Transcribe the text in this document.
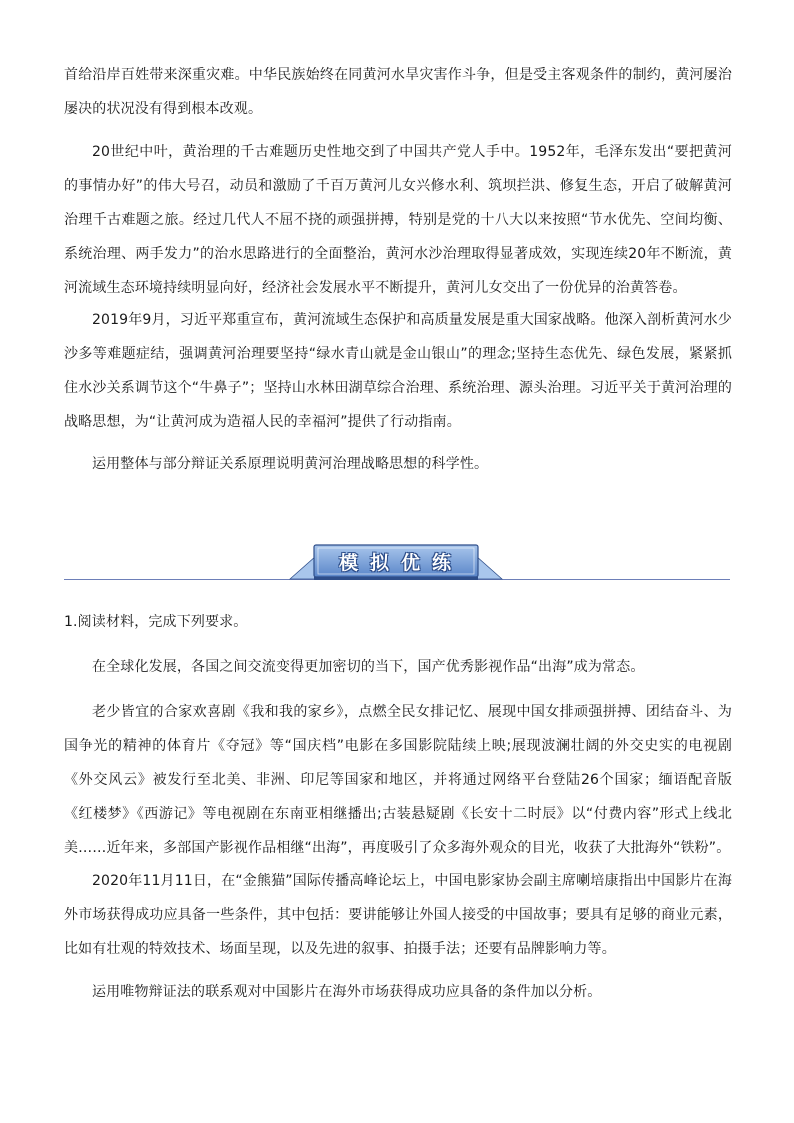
首给沿岸百姓带来深重灾难。中华民族始终在同黄河水旱灾害作斗争，但是受主客观条件的制约，黄河屡治屡决的状况没有得到根本改观。

20世纪中叶，黄治理的千古难题历史性地交到了中国共产党人手中。1952年，毛泽东发出“要把黄河的事情办好”的伟大号召，动员和激励了千百万黄河儿女兴修水利、筑坝拦洪、修复生态，开启了破解黄河治理千古难题之旅。经过几代人不屈不挠的顽强拼搏，特别是党的十八大以来按照“节水优先、空间均衡、系统治理、两手发力”的治水思路进行的全面整治，黄河水沙治理取得显著成效，实现连续20年不断流，黄河流域生态环境持续明显向好，经济社会发展水平不断提升，黄河儿女交出了一份优异的治黄答卷。

2019年9月，习近平郑重宣布，黄河流域生态保护和高质量发展是重大国家战略。他深入剖析黄河水少沙多等难题症结，强调黄河治理要坚持“绿水青山就是金山银山”的理念;坚持生态优先、绿色发展，紧紧抓住水沙关系调节这个“牛鼻子”；坚持山水林田湖草综合治理、系统治理、源头治理。习近平关于黄河治理的战略思想，为“让黄河成为造福人民的幸福河”提供了行动指南。

运用整体与部分辩证关系原理说明黄河治理战略思想的科学性。

模拟优练

1.阅读材料，完成下列要求。

在全球化发展，各国之间交流变得更加密切的当下，国产优秀影视作品“出海”成为常态。

老少皆宜的合家欢喜剧《我和我的家乡》，点燃全民女排记忆、展现中国女排顽强拼搏、团结奋斗、为国争光的精神的体育片《夺冠》等“国庆档”电影在多国影院陆续上映;展现波澜壮阔的外交史实的电视剧《外交风云》被发行至北美、非洲、印尼等国家和地区，并将通过网络平台登陆26个国家；缅语配音版《红楼梦》《西游记》等电视剧在东南亚相继播出;古装悬疑剧《长安十二时辰》以“付费内容”形式上线北美……近年来，多部国产影视作品相继“出海”，再度吸引了众多海外观众的目光，收获了大批海外“铁粉”。

2020年11月11日，在“金熊猫”国际传播高峰论坛上，中国电影家协会副主席喇培康指出中国影片在海外市场获得成功应具备一些条件，其中包括：要讲能够让外国人接受的中国故事；要具有足够的商业元素，比如有壮观的特效技术、场面呈现，以及先进的叙事、拍摄手法；还要有品牌影响力等。

运用唯物辩证法的联系观对中国影片在海外市场获得成功应具备的条件加以分析。
